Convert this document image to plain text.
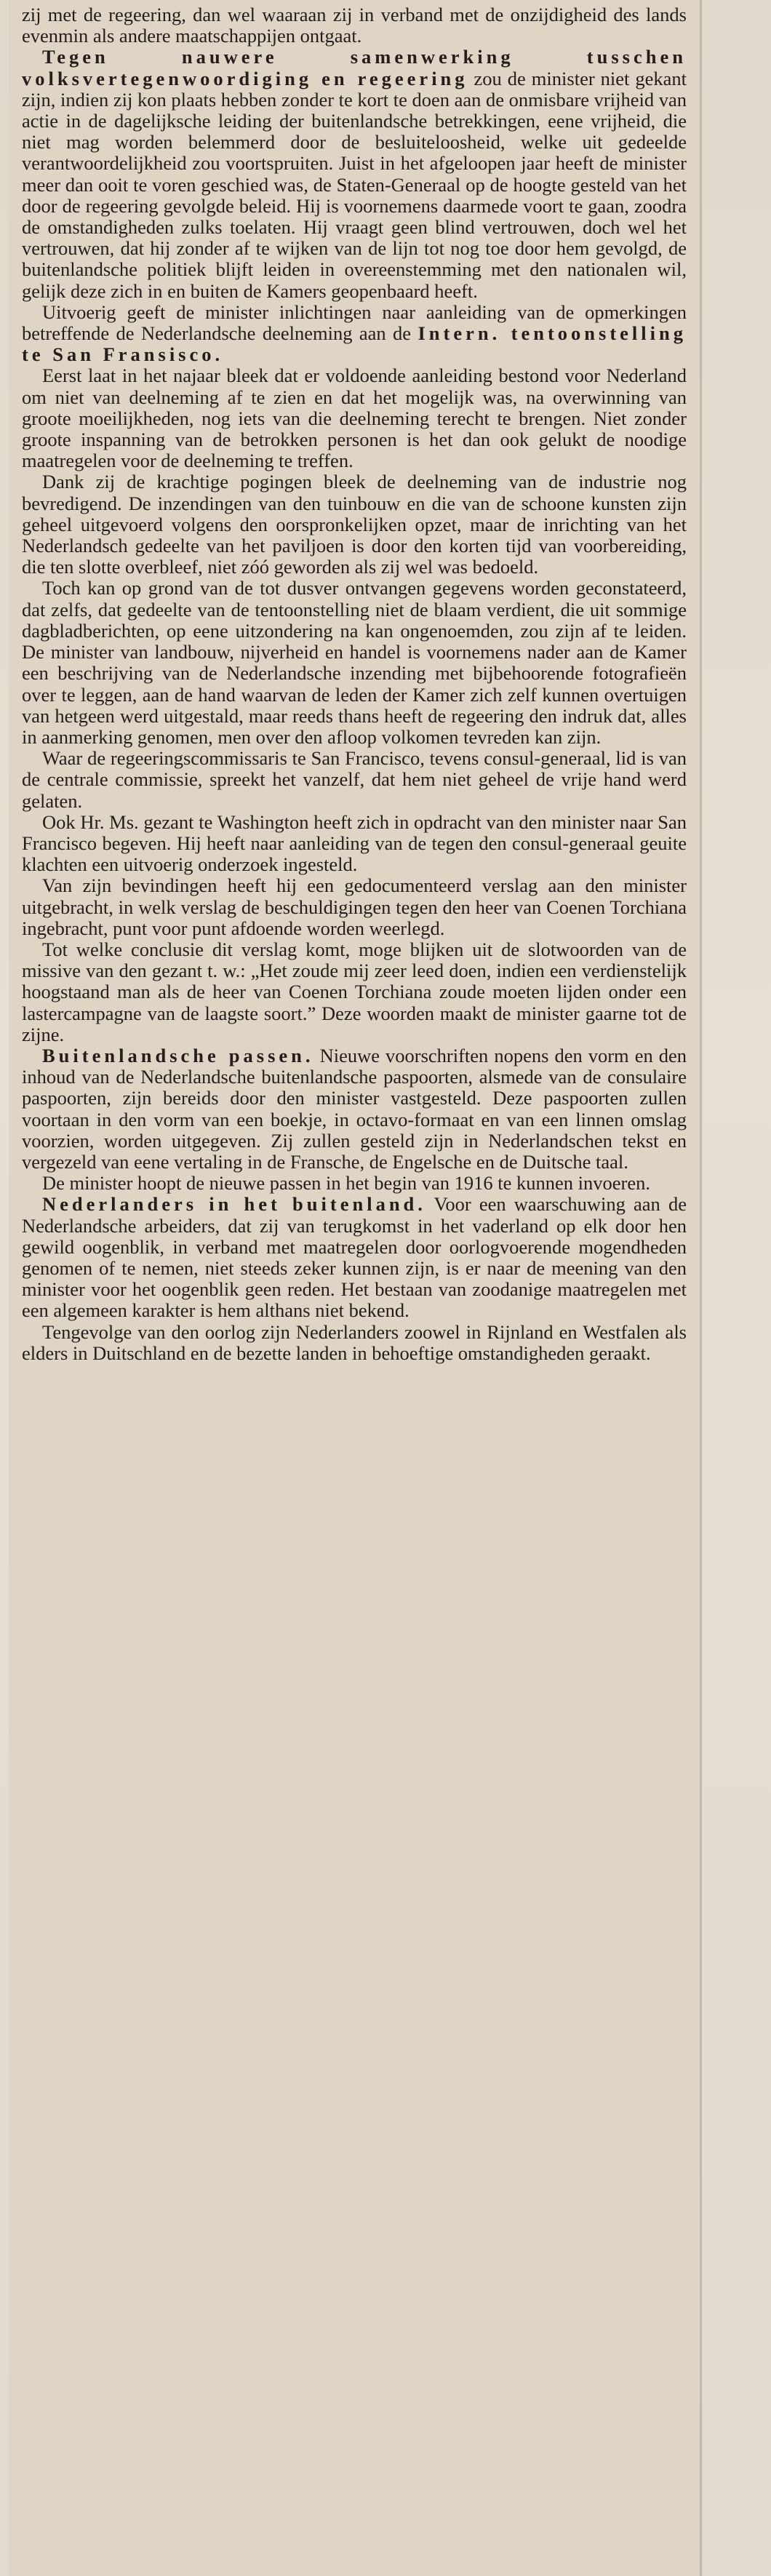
zij met de regeering, dan wel waaraan zij in verband met de onzijdigheid des lands evenmin als andere maatschappijen ontgaat.

Tegen nauwere samenwerking tusschen volksvertegenwoordiging en regeering zou de minister niet gekant zijn, indien zij kon plaats hebben zonder te kort te doen aan de onmisbare vrijheid van actie in de dagelijksche leiding der buitenlandsche betrekkingen, eene vrijheid, die niet mag worden belemmerd door de besluiteloosheid, welke uit gedeelde verantwoordelijkheid zou voortspruiten. Juist in het afgeloopen jaar heeft de minister meer dan ooit te voren geschied was, de Staten-Generaal op de hoogte gesteld van het door de regeering gevolgde beleid. Hij is voornemens daarmede voort te gaan, zoodra de omstandigheden zulks toelaten. Hij vraagt geen blind vertrouwen, doch wel het vertrouwen, dat hij zonder af te wijken van de lijn tot nog toe door hem gevolgd, de buitenlandsche politiek blijft leiden in overeenstemming met den nationalen wil, gelijk deze zich in en buiten de Kamers geopenbaard heeft.

Uitvoerig geeft de minister inlichtingen naar aanleiding van de opmerkingen betreffende de Nederlandsche deelneming aan de Intern. tentoonstelling te San Fransisco.

Eerst laat in het najaar bleek dat er voldoende aanleiding bestond voor Nederland om niet van deelneming af te zien en dat het mogelijk was, na overwinning van groote moeilijkheden, nog iets van die deelneming terecht te brengen. Niet zonder groote inspanning van de betrokken personen is het dan ook gelukt de noodige maatregelen voor de deelneming te treffen.

Dank zij de krachtige pogingen bleek de deelneming van de industrie nog bevredigend. De inzendingen van den tuinbouw en die van de schoone kunsten zijn geheel uitgevoerd volgens den oorspronkelijken opzet, maar de inrichting van het Nederlandsch gedeelte van het paviljoen is door den korten tijd van voorbereiding, die ten slotte overbleef, niet zóó geworden als zij wel was bedoeld.

Toch kan op grond van de tot dusver ontvangen gegevens worden geconstateerd, dat zelfs, dat gedeelte van de tentoonstelling niet de blaam verdient, die uit sommige dagbladberichten, op eene uitzondering na kan ongenoemden, zou zijn af te leiden. De minister van landbouw, nijverheid en handel is voornemens nader aan de Kamer een beschrijving van de Nederlandsche inzending met bijbehoorende fotografieën over te leggen, aan de hand waarvan de leden der Kamer zich zelf kunnen overtuigen van hetgeen werd uitgestald, maar reeds thans heeft de regeering den indruk dat, alles in aanmerking genomen, men over den afloop volkomen tevreden kan zijn.

Waar de regeeringscommissaris te San Francisco, tevens consul-generaal, lid is van de centrale commissie, spreekt het vanzelf, dat hem niet geheel de vrije hand werd gelaten.

Ook Hr. Ms. gezant te Washington heeft zich in opdracht van den minister naar San Francisco begeven. Hij heeft naar aanleiding van de tegen den consul-generaal geuite klachten een uitvoerig onderzoek ingesteld.

Van zijn bevindingen heeft hij een gedocumenteerd verslag aan den minister uitgebracht, in welk verslag de beschuldigingen tegen den heer van Coenen Torchiana ingebracht, punt voor punt afdoende worden weerlegd.

Tot welke conclusie dit verslag komt, moge blijken uit de slotwoorden van de missive van den gezant t. w.: „Het zoude mij zeer leed doen, indien een verdienstelijk hoogstaand man als de heer van Coenen Torchiana zoude moeten lijden onder een lastercampagne van de laagste soort.” Deze woorden maakt de minister gaarne tot de zijne.

Buitenlandsche passen. Nieuwe voorschriften nopens den vorm en den inhoud van de Nederlandsche buitenlandsche paspoorten, alsmede van de consulaire paspoorten, zijn bereids door den minister vastgesteld. Deze paspoorten zullen voortaan in den vorm van een boekje, in octavo-formaat en van een linnen omslag voorzien, worden uitgegeven. Zij zullen gesteld zijn in Nederlandschen tekst en vergezeld van eene vertaling in de Fransche, de Engelsche en de Duitsche taal.

De minister hoopt de nieuwe passen in het begin van 1916 te kunnen invoeren.

Nederlanders in het buitenland. Voor een waarschuwing aan de Nederlandsche arbeiders, dat zij van terugkomst in het vaderland op elk door hen gewild oogenblik, in verband met maatregelen door oorlogvoerende mogendheden genomen of te nemen, niet steeds zeker kunnen zijn, is er naar de meening van den minister voor het oogenblik geen reden. Het bestaan van zoodanige maatregelen met een algemeen karakter is hem althans niet bekend.

Tengevolge van den oorlog zijn Nederlanders zoowel in Rijnland en Westfalen als elders in Duitschland en de bezette landen in behoeftige omstandigheden geraakt.
